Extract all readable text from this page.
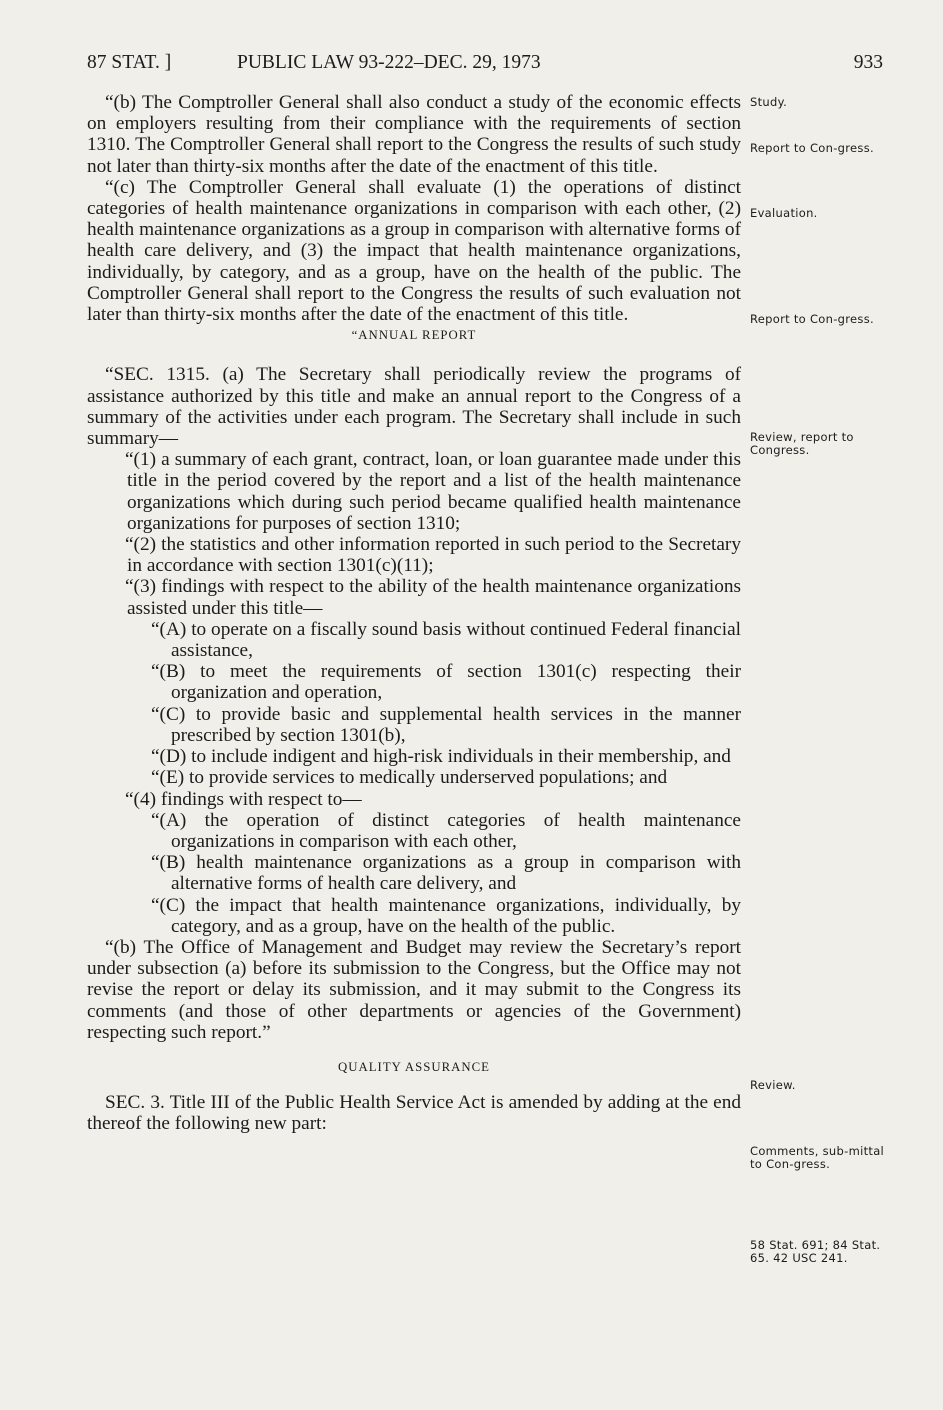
87 STAT. ]	PUBLIC LAW 93-222–DEC. 29, 1973	933

“(b) The Comptroller General shall also conduct a study of the economic effects on employers resulting from their compliance with the requirements of section 1310. The Comptroller General shall report to the Congress the results of such study not later than thirty-six months after the date of the enactment of this title.

“(c) The Comptroller General shall evaluate (1) the operations of distinct categories of health maintenance organizations in comparison with each other, (2) health maintenance organizations as a group in comparison with alternative forms of health care delivery, and (3) the impact that health maintenance organizations, individually, by category, and as a group, have on the health of the public. The Comptroller General shall report to the Congress the results of such evaluation not later than thirty-six months after the date of the enactment of this title.

“ANNUAL REPORT

“SEC. 1315. (a) The Secretary shall periodically review the programs of assistance authorized by this title and make an annual report to the Congress of a summary of the activities under each program. The Secretary shall include in such summary—

“(1) a summary of each grant, contract, loan, or loan guarantee made under this title in the period covered by the report and a list of the health maintenance organizations which during such period became qualified health maintenance organizations for purposes of section 1310;

“(2) the statistics and other information reported in such period to the Secretary in accordance with section 1301(c)(11);

“(3) findings with respect to the ability of the health maintenance organizations assisted under this title—

“(A) to operate on a fiscally sound basis without continued Federal financial assistance,

“(B) to meet the requirements of section 1301(c) respecting their organization and operation,

“(C) to provide basic and supplemental health services in the manner prescribed by section 1301(b),

“(D) to include indigent and high-risk individuals in their membership, and

“(E) to provide services to medically underserved populations; and

“(4) findings with respect to—

“(A) the operation of distinct categories of health maintenance organizations in comparison with each other,

“(B) health maintenance organizations as a group in comparison with alternative forms of health care delivery, and

“(C) the impact that health maintenance organizations, individually, by category, and as a group, have on the health of the public.

“(b) The Office of Management and Budget may review the Secretary’s report under subsection (a) before its submission to the Congress, but the Office may not revise the report or delay its submission, and it may submit to the Congress its comments (and those of other departments or agencies of the Government) respecting such report.”

QUALITY ASSURANCE

SEC. 3. Title III of the Public Health Service Act is amended by adding at the end thereof the following new part:

Study.
Report to Con-gress.
Evaluation.
Report to Con-gress.
Review, report to Congress.
Review.
Comments, sub-mittal to Con-gress.
58 Stat. 691; 84 Stat. 65. 42 USC 241.
